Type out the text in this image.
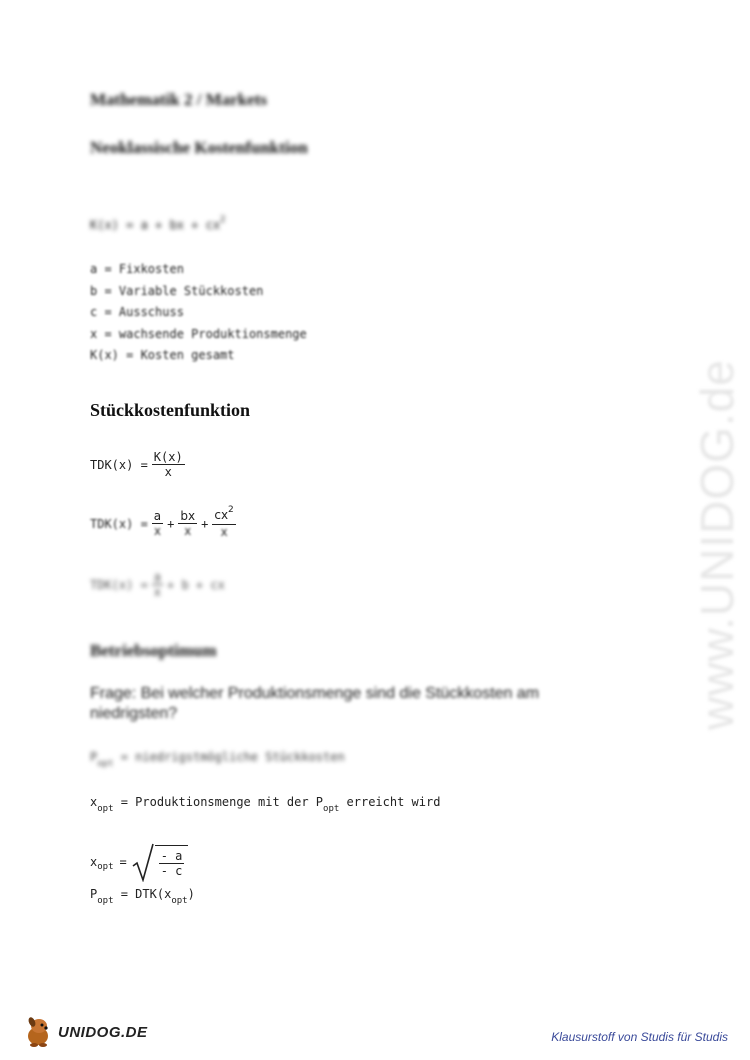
www.UNIDOG.de
Mathematik 2 / Markets
Neoklassische Kostenfunktion
K(x) = a + bx + $cx^2$
a = Fixkosten
b = Variable Stückkosten
c = Ausschuss
x = wachsende Produktionsmenge
K(x) = Kosten gesamt
Stückkostenfunktion
$TDK(x) = \frac{K(x)}{x}$
$TDK(x) = \frac{a}{x} + \frac{bx}{x} + \frac{cx^2}{x}$
$TDK(x) = \frac{a}{x} + b$ + cx
Betriebsoptimum
Frage: Bei welcher Produktionsmenge sind die Stückkosten am niedrigsten?
$P_{opt}$ = niedrigstmögliche Stückkosten
$x_{opt}$ = Produktionsmenge mit der $P_{opt}$ erreicht wird
x opt =	$\frac{- a}{- c}$
$P_{opt} = DTK(x_{opt})$
UNIDOG.DE	Klausurstoff von Studis für Studis
